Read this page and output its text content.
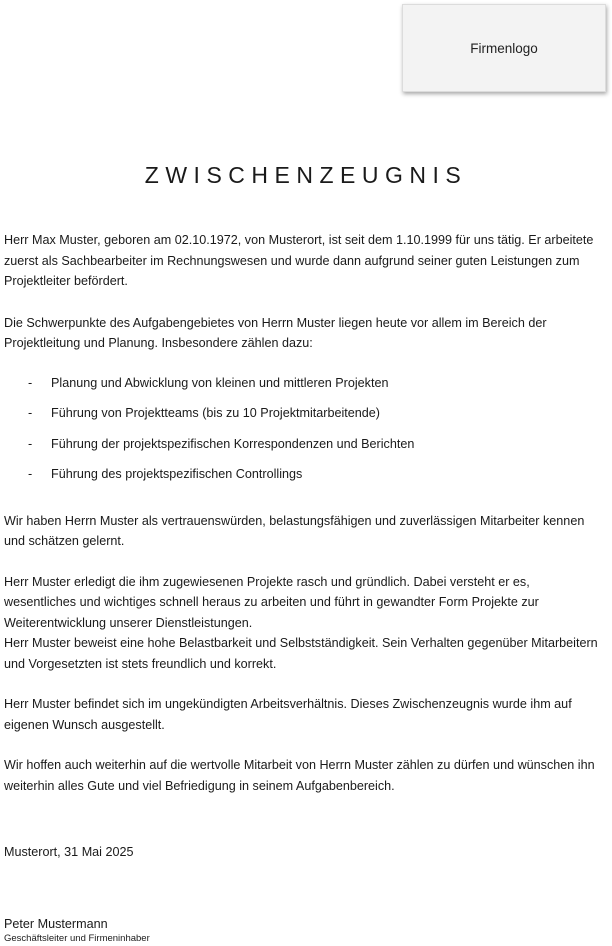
Firmenlogo
ZWISCHENZEUGNIS

Herr Max Muster, geboren am 02.10.1972, von Musterort, ist seit dem 1.10.1999 für uns tätig. Er arbeitete zuerst als Sachbearbeiter im Rechnungswesen und wurde dann aufgrund seiner guten Leistungen zum Projektleiter befördert.

Die Schwerpunkte des Aufgabengebietes von Herrn Muster liegen heute vor allem im Bereich der Projektleitung und Planung. Insbesondere zählen dazu:

- Planung und Abwicklung von kleinen und mittleren Projekten
- Führung von Projektteams (bis zu 10 Projektmitarbeitende)
- Führung der projektspezifischen Korrespondenzen und Berichten
- Führung des projektspezifischen Controllings

Wir haben Herrn Muster als vertrauenswürden, belastungsfähigen und zuverlässigen Mitarbeiter kennen und schätzen gelernt.

Herr Muster erledigt die ihm zugewiesenen Projekte rasch und gründlich. Dabei versteht er es, wesentliches und wichtiges schnell heraus zu arbeiten und führt in gewandter Form Projekte zur Weiterentwicklung unserer Dienstleistungen.

Herr Muster beweist eine hohe Belastbarkeit und Selbstständigkeit. Sein Verhalten gegenüber Mitarbeitern und Vorgesetzten ist stets freundlich und korrekt.

Herr Muster befindet sich im ungekündigten Arbeitsverhältnis. Dieses Zwischenzeugnis wurde ihm auf eigenen Wunsch ausgestellt.

Wir hoffen auch weiterhin auf die wertvolle Mitarbeit von Herrn Muster zählen zu dürfen und wünschen ihn weiterhin alles Gute und viel Befriedigung in seinem Aufgabenbereich.

Musterort, 31 Mai 2025
Peter Mustermann
Geschäftsleiter und Firmeninhaber
